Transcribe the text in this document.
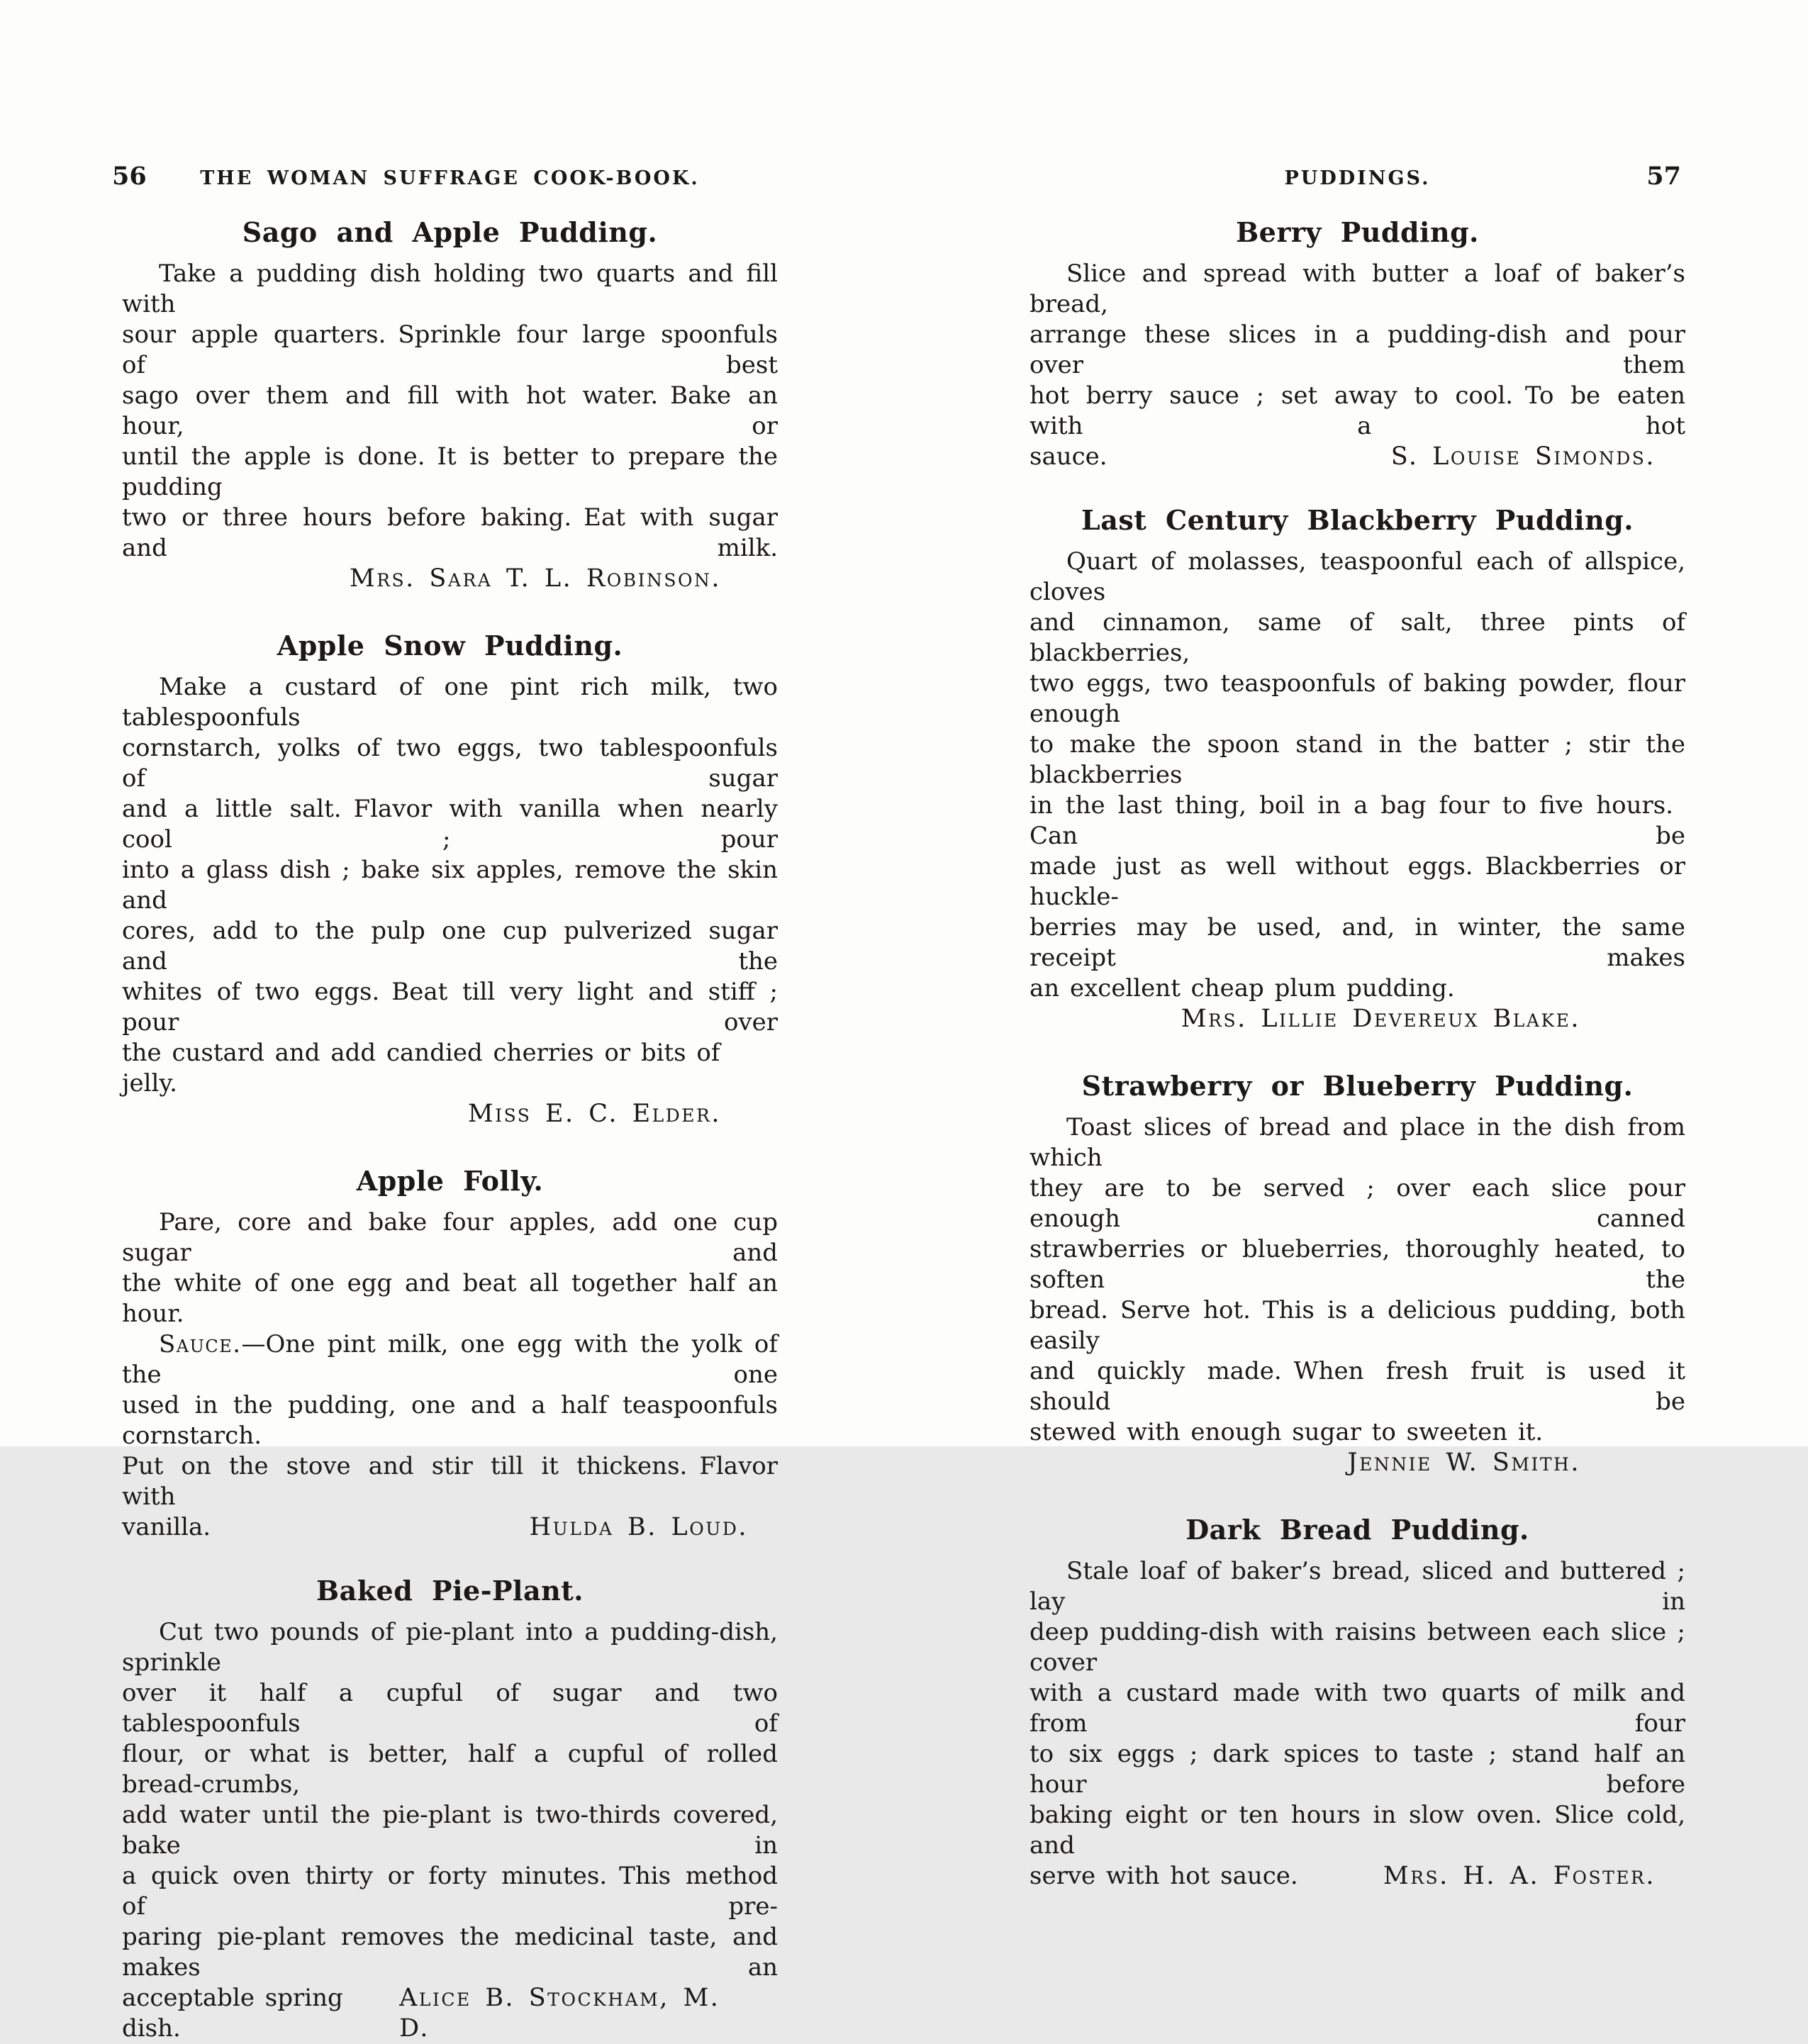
56	THE WOMAN SUFFRAGE COOK-BOOK.
Sago and Apple Pudding.
Take a pudding dish holding two quarts and fill with
sour apple quarters. Sprinkle four large spoonfuls of best
sago over them and fill with hot water. Bake an hour, or
until the apple is done. It is better to prepare the pudding
two or three hours before baking. Eat with sugar and milk.
Mrs. Sara T. L. Robinson.
Apple Snow Pudding.
Make a custard of one pint rich milk, two tablespoonfuls
cornstarch, yolks of two eggs, two tablespoonfuls of sugar
and a little salt. Flavor with vanilla when nearly cool ; pour
into a glass dish ; bake six apples, remove the skin and
cores, add to the pulp one cup pulverized sugar and the
whites of two eggs. Beat till very light and stiff ; pour over
the custard and add candied cherries or bits of jelly.
Miss E. C. Elder.
Apple Folly.
Pare, core and bake four apples, add one cup sugar and
the white of one egg and beat all together half an hour.
Sauce.—One pint milk, one egg with the yolk of the one
used in the pudding, one and a half teaspoonfuls cornstarch.
Put on the stove and stir till it thickens. Flavor with
vanilla.	Hulda B. Loud.
Baked Pie-Plant.
Cut two pounds of pie-plant into a pudding-dish, sprinkle
over it half a cupful of sugar and two tablespoonfuls of
flour, or what is better, half a cupful of rolled bread-crumbs,
add water until the pie-plant is two-thirds covered, bake in
a quick oven thirty or forty minutes. This method of pre-
paring pie-plant removes the medicinal taste, and makes an
acceptable spring dish.
Alice B. Stockham, M. D.
PUDDINGS.	57
Berry Pudding.
Slice and spread with butter a loaf of baker’s bread,
arrange these slices in a pudding-dish and pour over them
hot berry sauce ; set away to cool. To be eaten with a hot
sauce.	S. Louise Simonds.
Last Century Blackberry Pudding.
Quart of molasses, teaspoonful each of allspice, cloves
and cinnamon, same of salt, three pints of blackberries,
two eggs, two teaspoonfuls of baking powder, flour enough
to make the spoon stand in the batter ; stir the blackberries
in the last thing, boil in a bag four to five hours. Can be
made just as well without eggs. Blackberries or huckle-
berries may be used, and, in winter, the same receipt makes
an excellent cheap plum pudding.
Mrs. Lillie Devereux Blake.
Strawberry or Blueberry Pudding.
Toast slices of bread and place in the dish from which
they are to be served ; over each slice pour enough canned
strawberries or blueberries, thoroughly heated, to soften the
bread. Serve hot. This is a delicious pudding, both easily
and quickly made. When fresh fruit is used it should be
stewed with enough sugar to sweeten it.
Jennie W. Smith.
Dark Bread Pudding.
Stale loaf of baker’s bread, sliced and buttered ; lay in
deep pudding-dish with raisins between each slice ; cover
with a custard made with two quarts of milk and from four
to six eggs ; dark spices to taste ; stand half an hour before
baking eight or ten hours in slow oven. Slice cold, and
serve with hot sauce.	Mrs. H. A. Foster.
